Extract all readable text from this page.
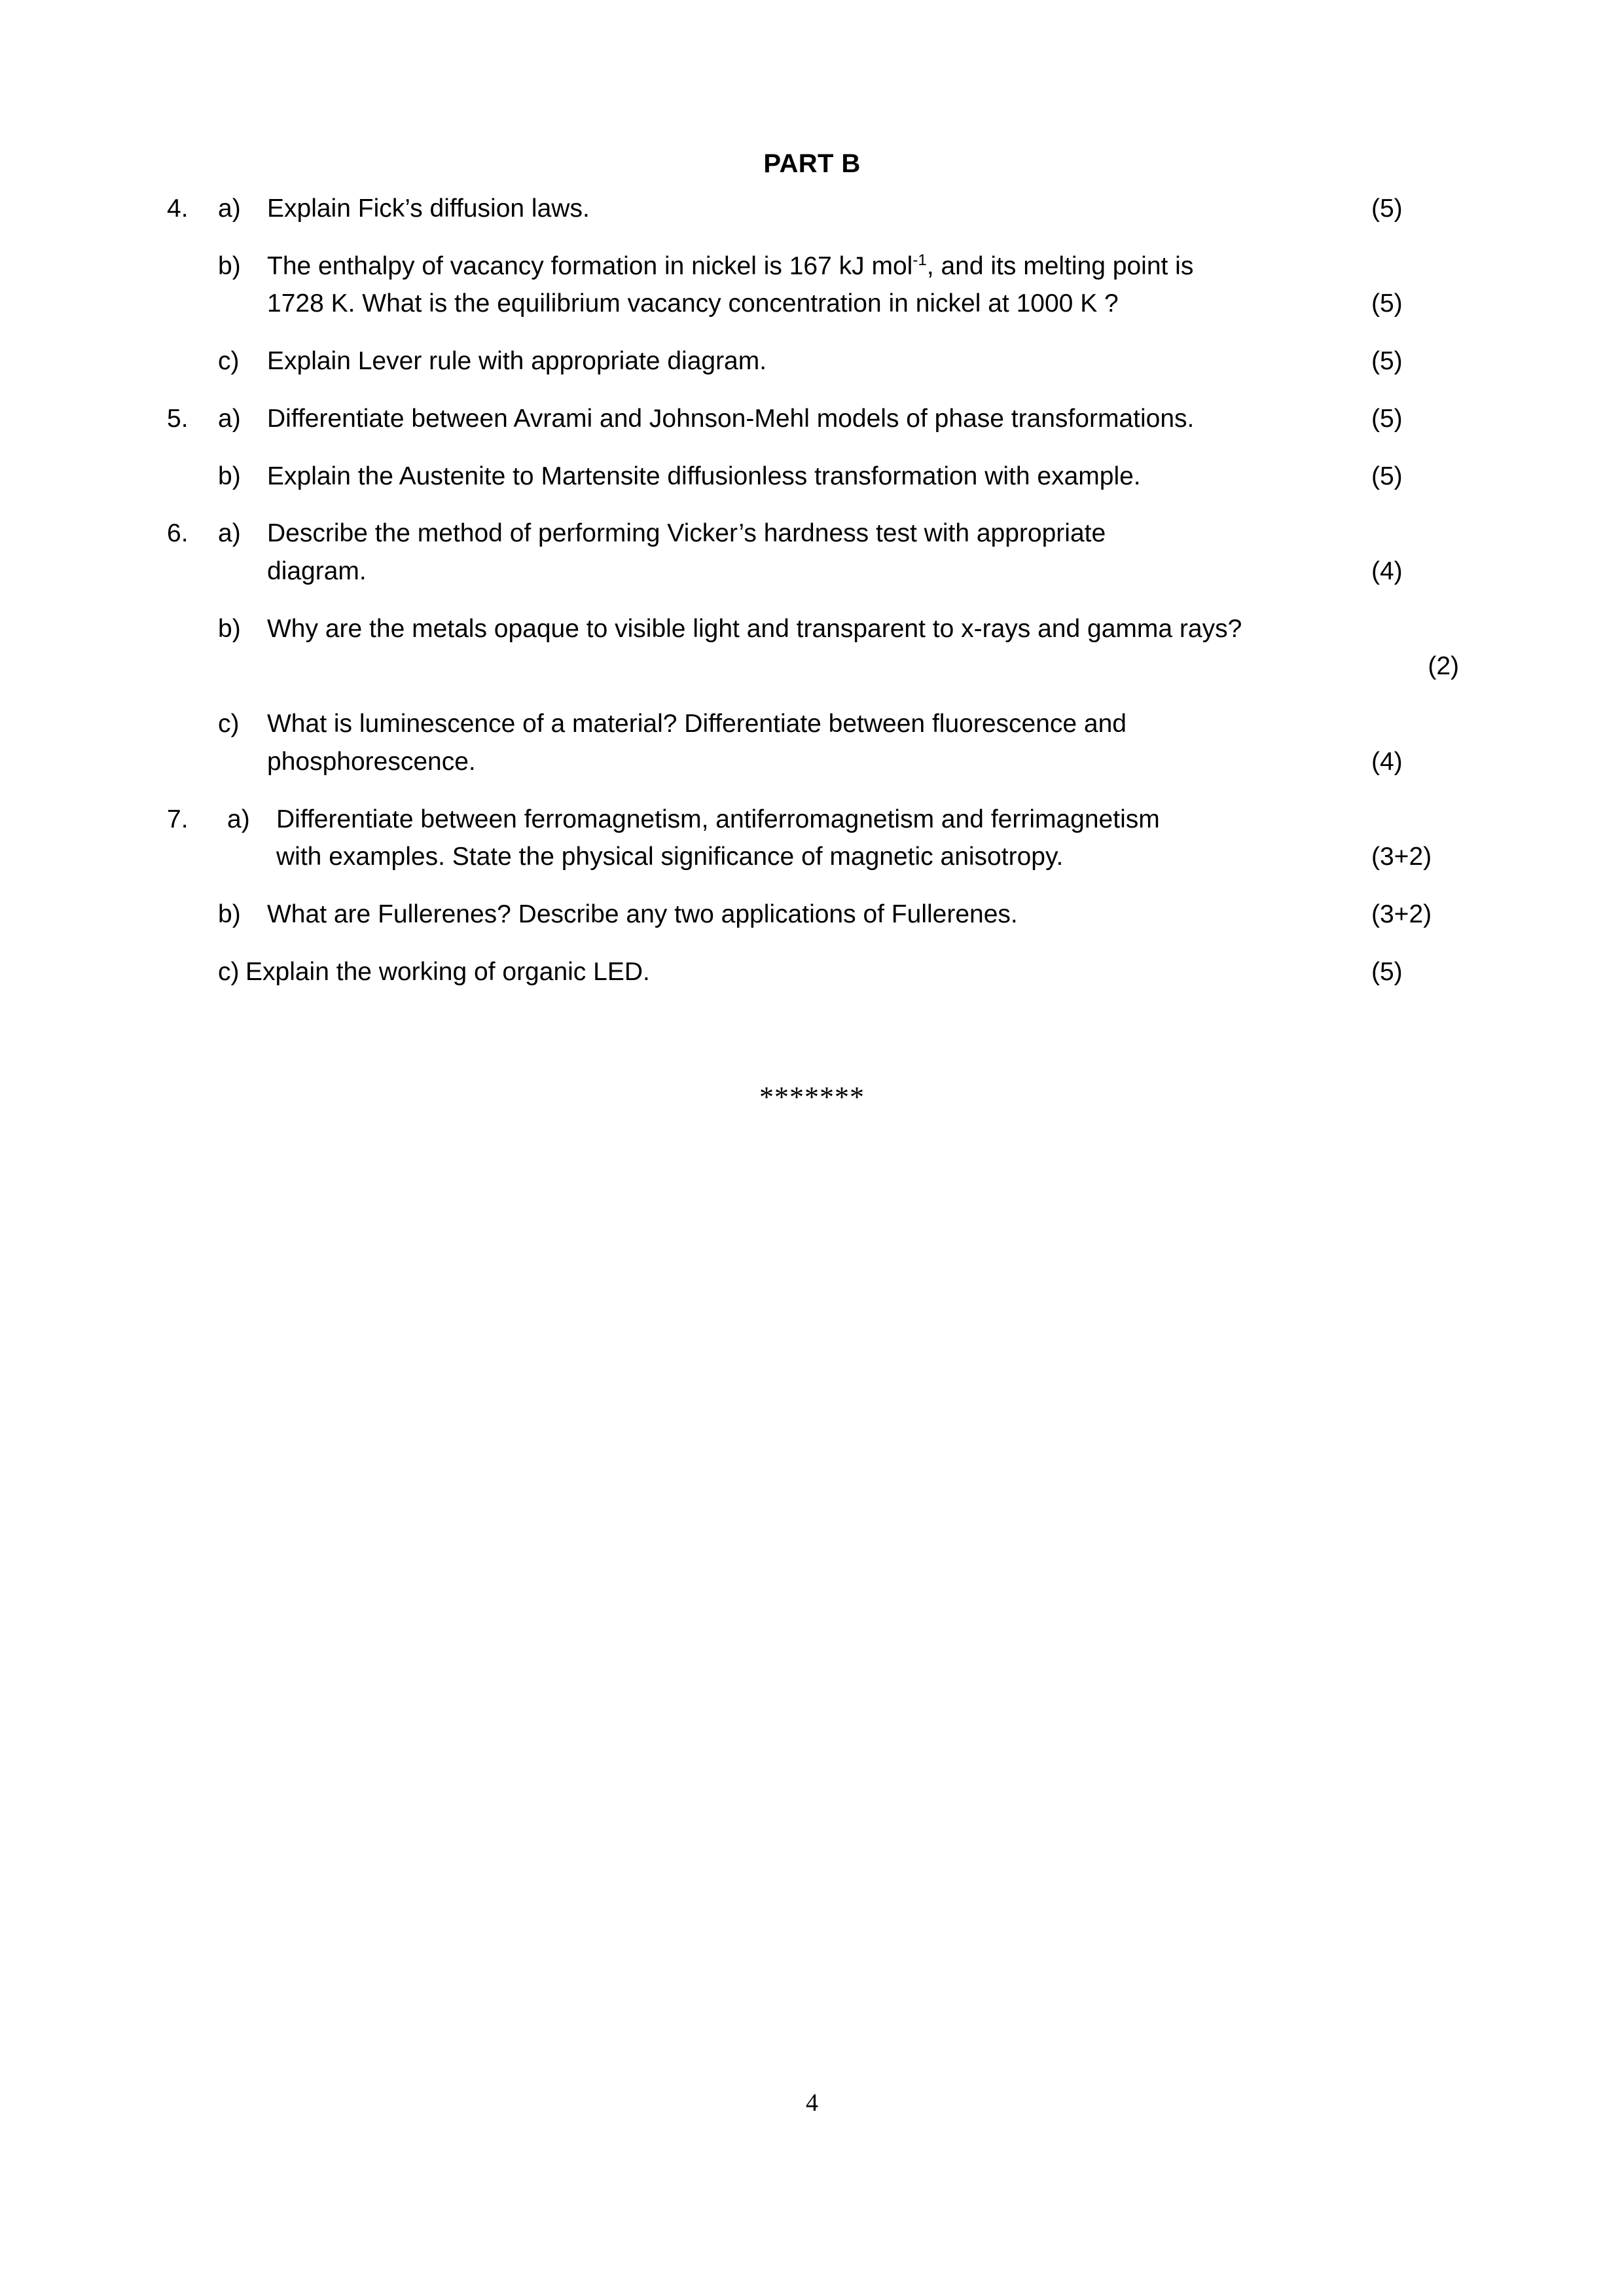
PART B
4.	a)	Explain Fick’s diffusion laws.	(5)
b)	The enthalpy of vacancy formation in nickel is 167 kJ mol$^{-1}$, and its melting point is
1728 K. What is the equilibrium vacancy concentration in nickel at 1000 K ?	(5)
c)	Explain Lever rule with appropriate diagram.	(5)
5.	a)	Differentiate between Avrami and Johnson-Mehl models of phase transformations.	(5)
b)	Explain the Austenite to Martensite diffusionless transformation with example.	(5)
6.	a)	Describe the method of performing Vicker’s hardness test with appropriate
diagram.	(4)
b)	Why are the metals opaque to visible light and transparent to x-rays and gamma rays?
(2)
c)	What is luminescence of a material? Differentiate between fluorescence and
phosphorescence.	(4)
7.	a)	Differentiate between ferromagnetism, antiferromagnetism and ferrimagnetism
with examples. State the physical significance of magnetic anisotropy.	(3+2)
b)	What are Fullerenes? Describe any two applications of Fullerenes.	(3+2)
c) Explain the working of organic LED.	(5)
*******
4
